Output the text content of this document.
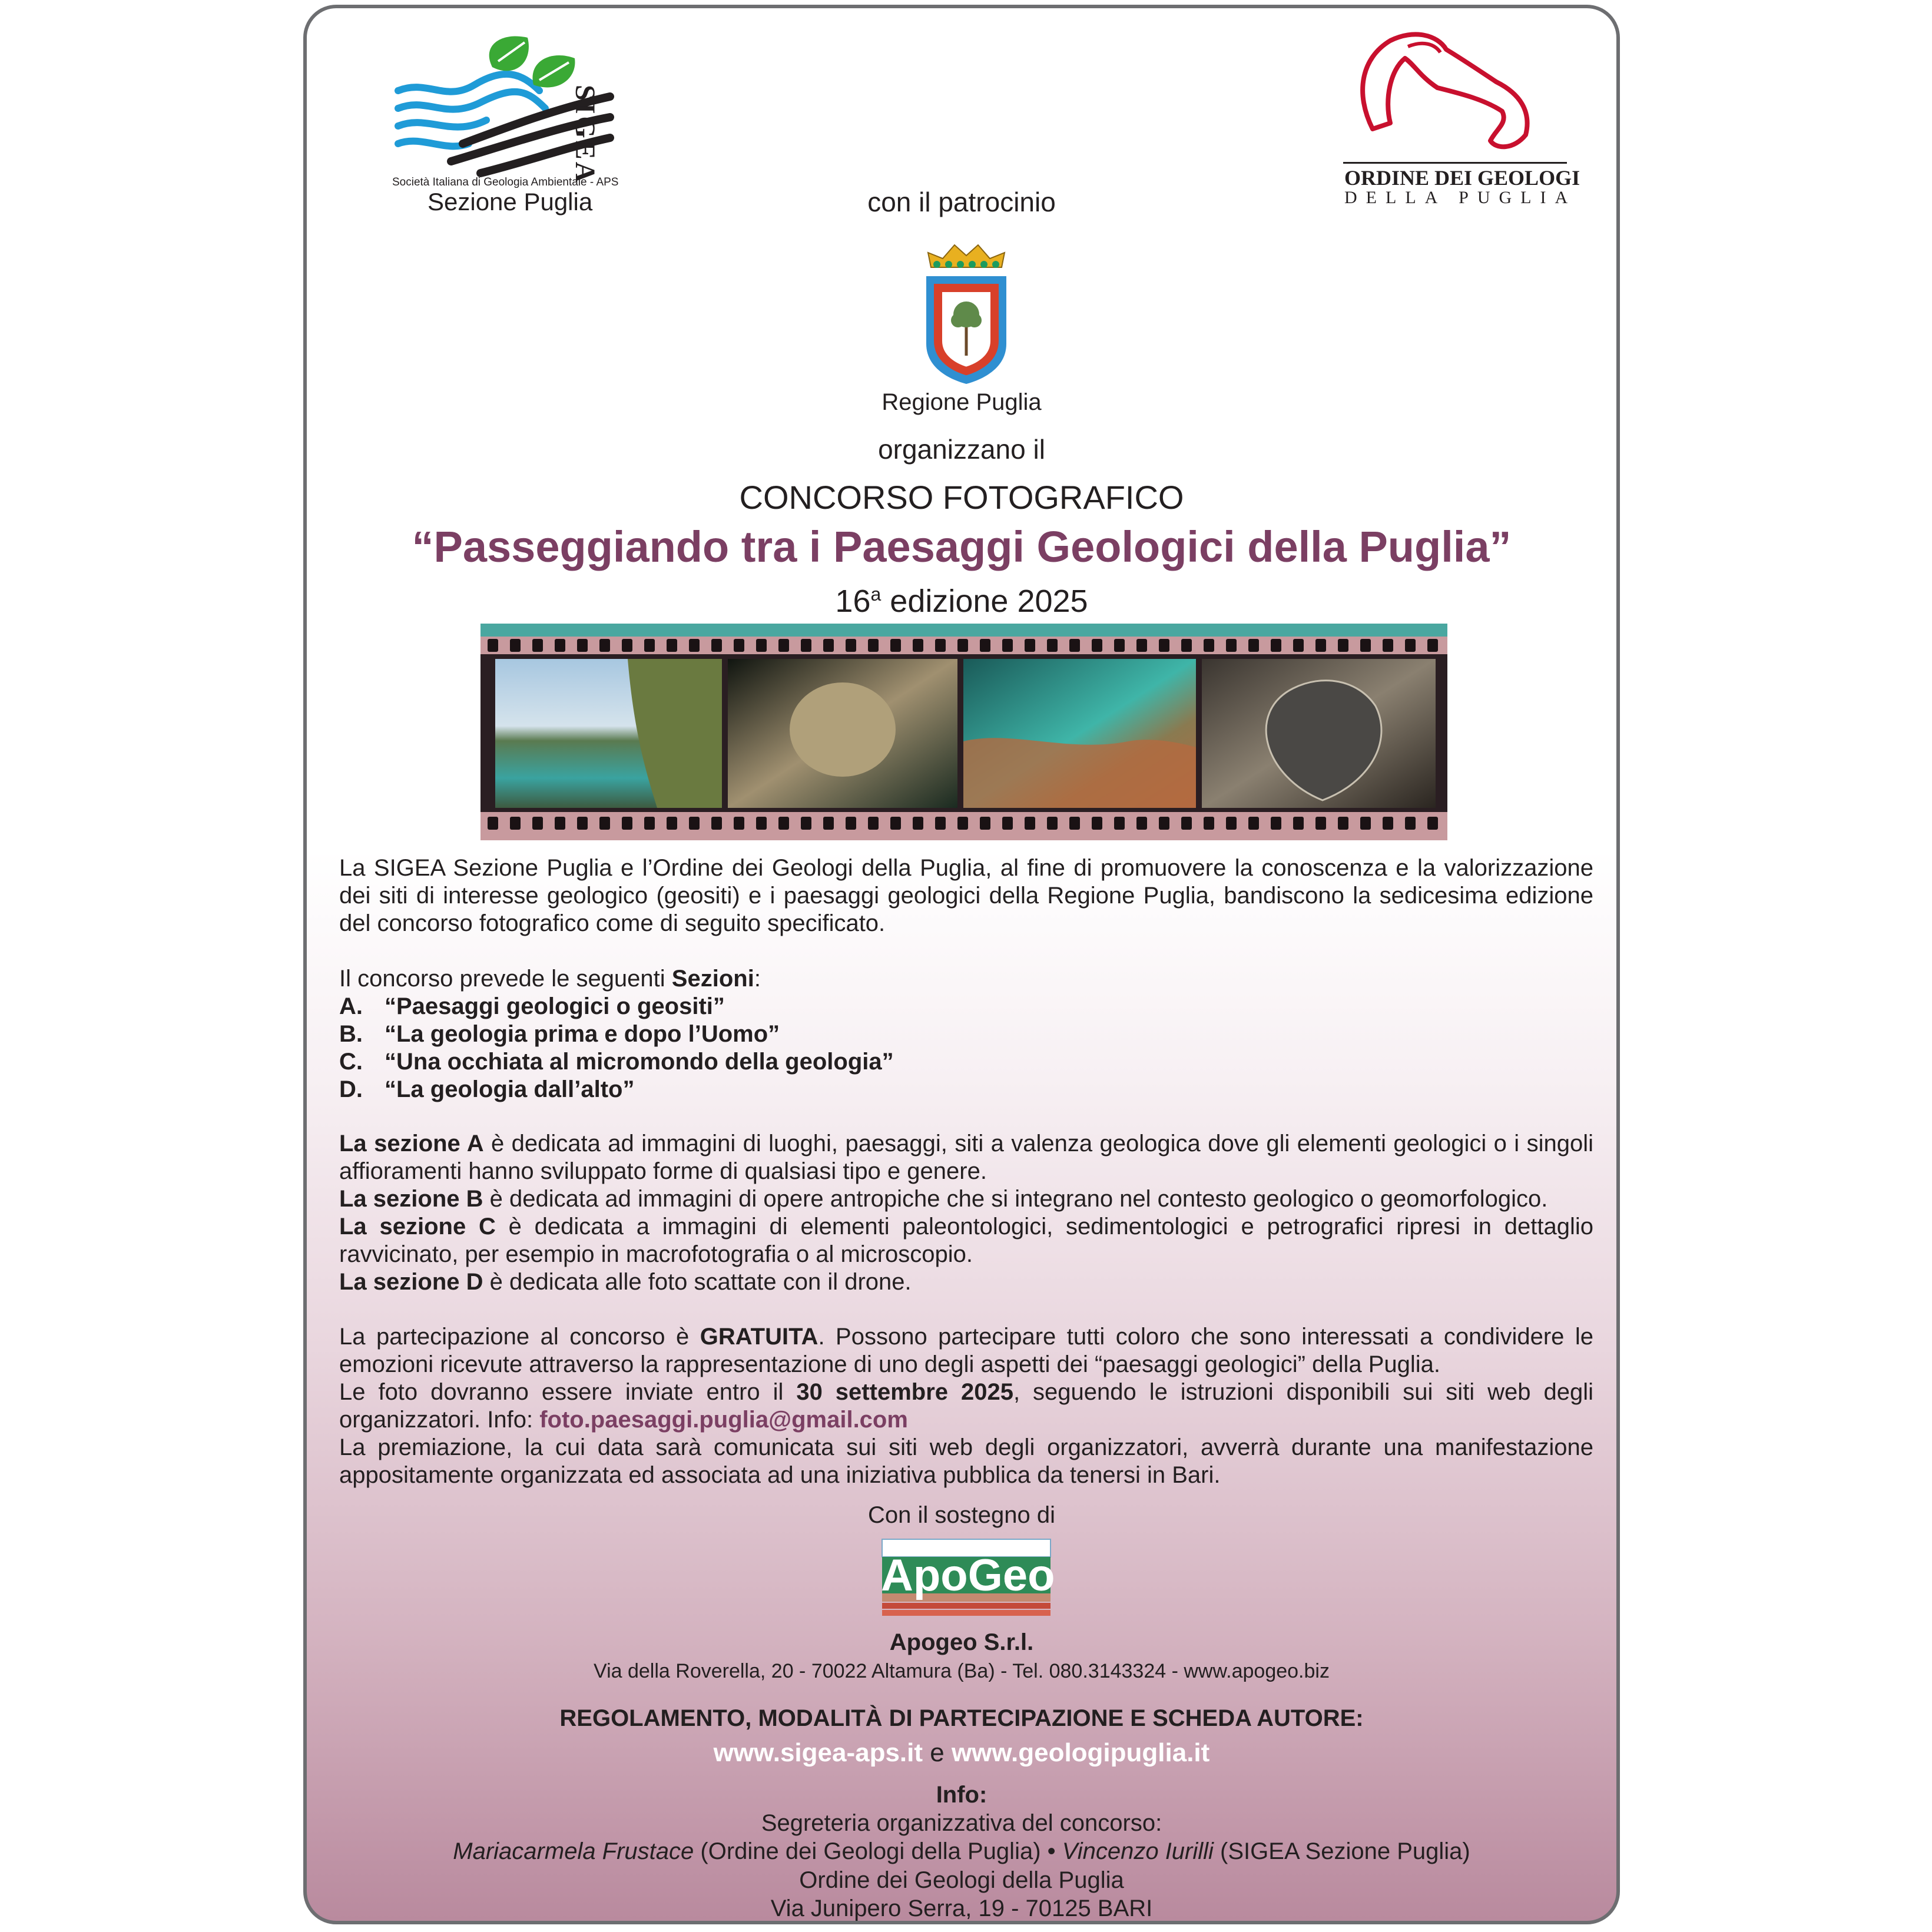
SIGEA
Società Italiana di Geologia Ambientale - APS
Sezione Puglia
ORDINE DEI GEOLOGI
DELLA PUGLIA
con il patrocinio
Regione Puglia
organizzano il
CONCORSO FOTOGRAFICO
“Passeggiando tra i Paesaggi Geologici della Puglia”
16$^a$ edizione 2025
La SIGEA Sezione Puglia e l’Ordine dei Geologi della Puglia, al fine di promuovere la conoscenza e la valorizzazione dei siti di interesse geologico (geositi) e i paesaggi geologici della Regione Puglia, bandiscono la sedicesima edizione del concorso fotografico come di seguito specificato.

Il concorso prevede le seguenti Sezioni:

A. “Paesaggi geologici o geositi”
B. “La geologia prima e dopo l’Uomo”
C. “Una occhiata al micromondo della geologia”
D. “La geologia dall’alto”

La sezione A è dedicata ad immagini di luoghi, paesaggi, siti a valenza geologica dove gli elementi geologici o i singoli affioramenti hanno sviluppato forme di qualsiasi tipo e genere.

La sezione B è dedicata ad immagini di opere antropiche che si integrano nel contesto geologico o geomorfologico.

La sezione C è dedicata a immagini di elementi paleontologici, sedimentologici e petrografici ripresi in dettaglio ravvicinato, per esempio in macrofotografia o al microscopio.

La sezione D è dedicata alle foto scattate con il drone.

La partecipazione al concorso è GRATUITA. Possono partecipare tutti coloro che sono interessati a condividere le emozioni ricevute attraverso la rappresentazione di uno degli aspetti dei “paesaggi geologici” della Puglia.

Le foto dovranno essere inviate entro il 30 settembre 2025, seguendo le istruzioni disponibili sui siti web degli organizzatori. Info: foto.paesaggi.puglia@gmail.com

La premiazione, la cui data sarà comunicata sui siti web degli organizzatori, avverrà durante una manifestazione appositamente organizzata ed associata ad una iniziativa pubblica da tenersi in Bari.

Con il sostegno di
ApoGeo
Apogeo S.r.l.
Via della Roverella, 20 - 70022 Altamura (Ba) - Tel. 080.3143324 - www.apogeo.biz
REGOLAMENTO, MODALITÀ DI PARTECIPAZIONE E SCHEDA AUTORE:
www.sigea-aps.it e www.geologipuglia.it
Info:
Segreteria organizzativa del concorso:
Mariacarmela Frustace (Ordine dei Geologi della Puglia) • Vincenzo Iurilli (SIGEA Sezione Puglia)
Ordine dei Geologi della Puglia
Via Junipero Serra, 19 - 70125 BARI
